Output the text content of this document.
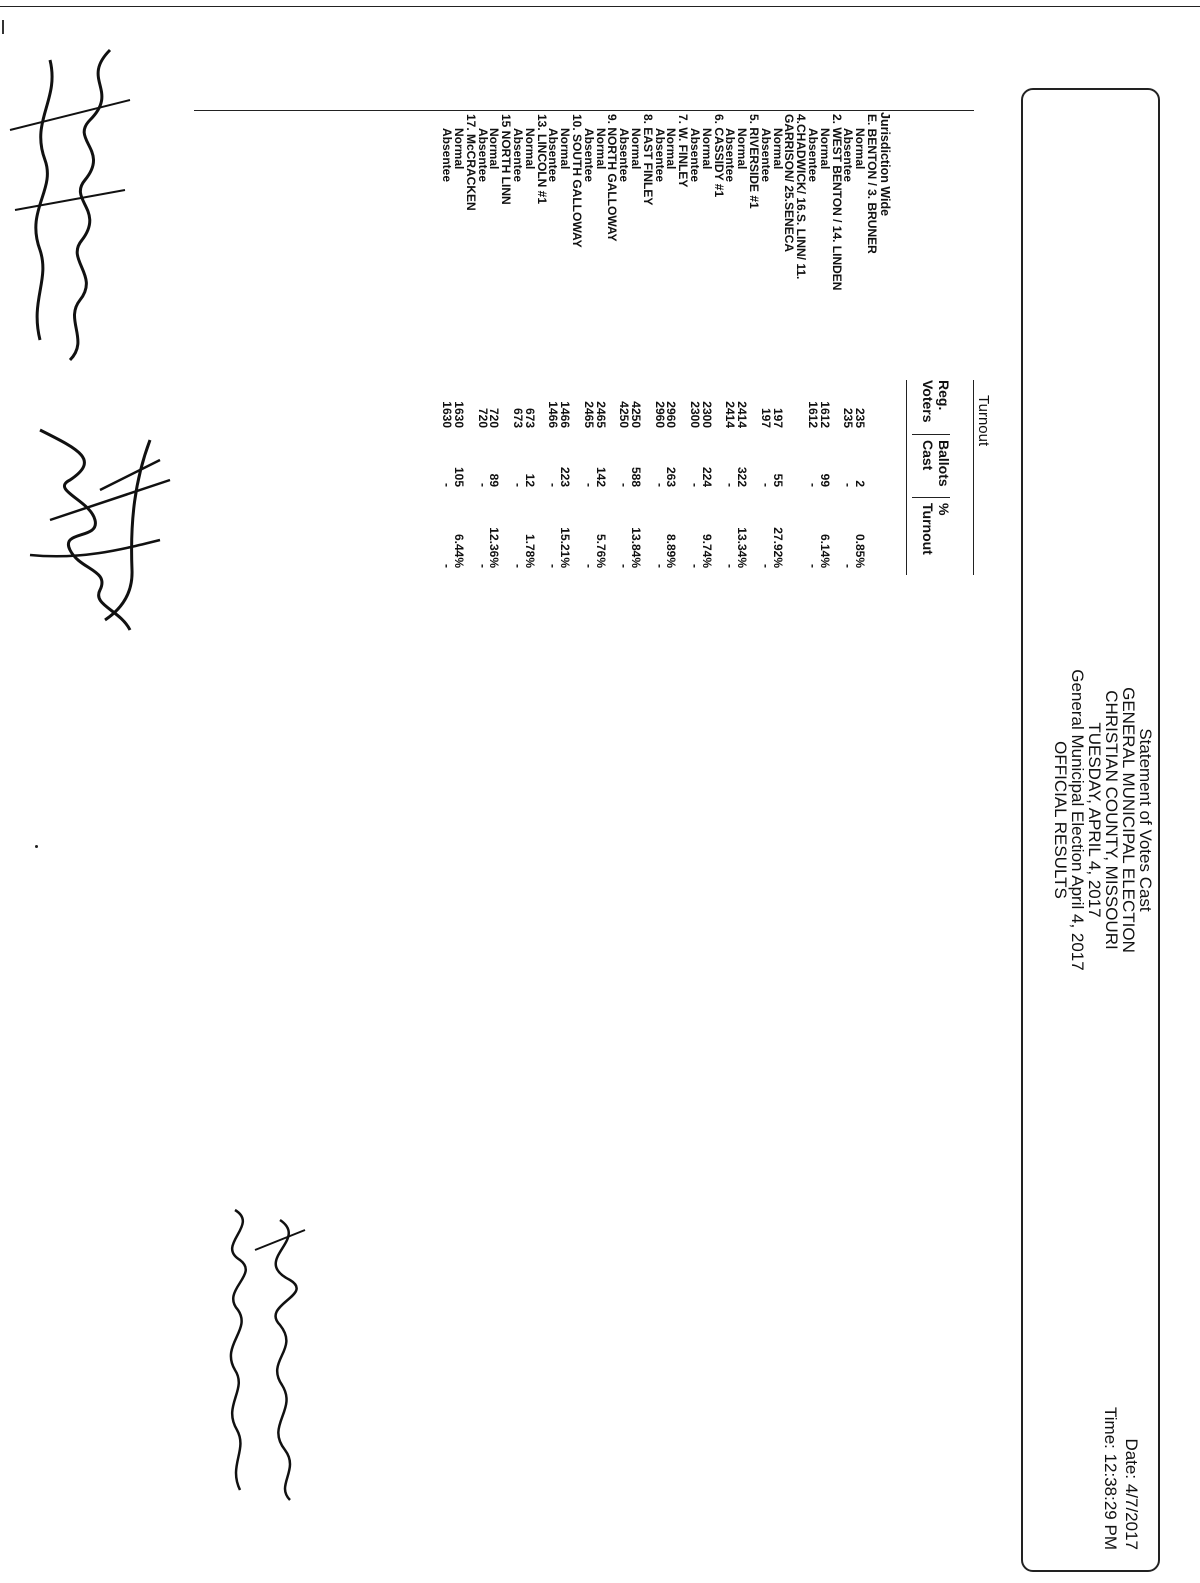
Statement of Votes Cast
GENERAL MUNICIPAL ELECTION
CHRISTIAN COUNTY, MISSOURI
TUESDAY, APRIL 4, 2017
General Municipal Election April 4, 2017
OFFICIAL RESULTS
Date: 4/7/2017
Time: 12:38:29 PM
Turnout
Reg. Voters
Ballots Cast
% Turnout
Jurisdiction Wide
E. BENTON / 3. BRUNER
Normal
235
2
0.85%
Absentee
235
-
-
2. WEST BENTON / 14. LINDEN
Normal
1612
99
6.14%
Absentee
1612
-
-
4.CHADWICK/ 16.S. LINN/ 11.
GARRISON/ 25.SENECA
Normal
197
55
27.92%
Absentee
197
-
-
5. RIVERSIDE #1
Normal
2414
322
13.34%
Absentee
2414
-
-
6. CASSIDY #1
Normal
2300
224
9.74%
Absentee
2300
-
-
7. W. FINLEY
Normal
2960
263
8.89%
Absentee
2960
-
-
8. EAST FINLEY
Normal
4250
588
13.84%
Absentee
4250
-
-
9. NORTH GALLOWAY
Normal
2465
142
5.76%
Absentee
2465
-
-
10. SOUTH GALLOWAY
Normal
1466
223
15.21%
Absentee
1466
-
-
13. LINCOLN #1
Normal
673
12
1.78%
Absentee
673
-
-
15 NORTH LINN
Normal
720
89
12.36%
Absentee
720
-
-
17. McCRACKEN
Normal
1630
105
6.44%
Absentee
1630
-
-
